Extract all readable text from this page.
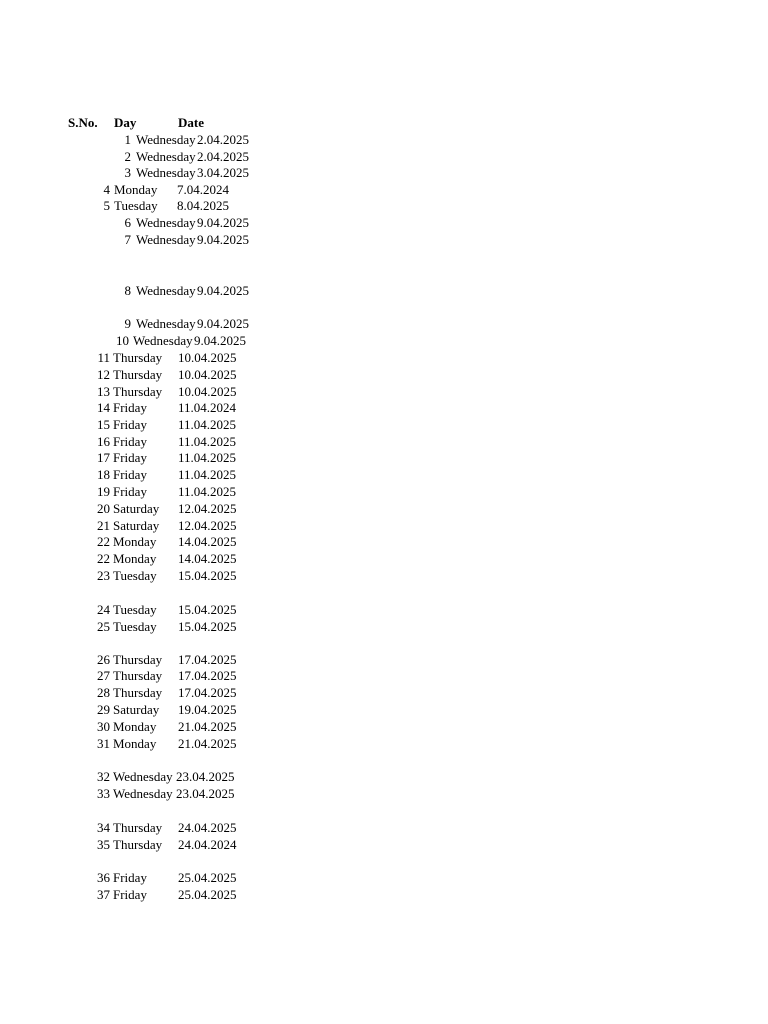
S.No. Day	Date
1 Wednesday 2.04.2025
2 Wednesday 2.04.2025
3 Wednesday 3.04.2025
4 Monday 7.04.2024
5 Tuesday 8.04.2025
6 Wednesday 9.04.2025
7 Wednesday 9.04.2025
8 Wednesday 9.04.2025
9 Wednesday 9.04.2025
10 Wednesday 9.04.2025
11 Thursday 10.04.2025
12 Thursday 10.04.2025
13 Thursday 10.04.2025
14 Friday 11.04.2024
15 Friday 11.04.2025
16 Friday 11.04.2025
17 Friday 11.04.2025
18 Friday 11.04.2025
19 Friday 11.04.2025
20 Saturday 12.04.2025
21 Saturday 12.04.2025
22 Monday 14.04.2025
22 Monday 14.04.2025
23 Tuesday 15.04.2025
24 Tuesday 15.04.2025
25 Tuesday 15.04.2025
26 Thursday 17.04.2025
27 Thursday 17.04.2025
28 Thursday 17.04.2025
29 Saturday 19.04.2025
30 Monday 21.04.2025
31 Monday 21.04.2025
32 Wednesday 23.04.2025
33 Wednesday 23.04.2025
34 Thursday 24.04.2025
35 Thursday 24.04.2024
36 Friday 25.04.2025
37 Friday 25.04.2025
